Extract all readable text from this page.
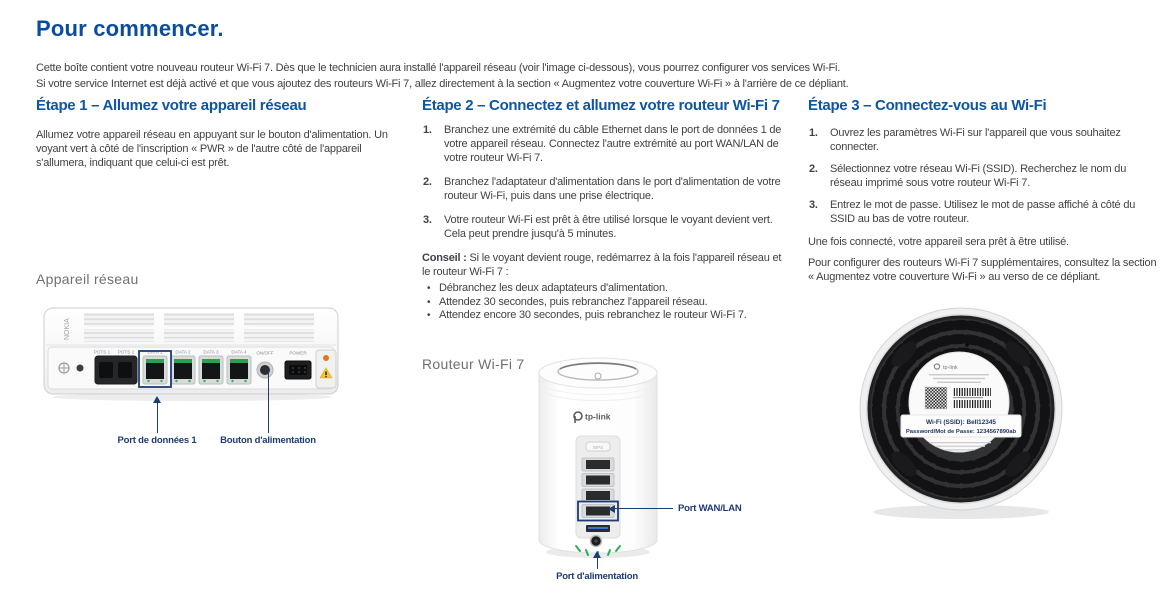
Pour commencer.
Cette boîte contient votre nouveau routeur Wi-Fi 7. Dès que le technicien aura installé l'appareil réseau (voir l'image ci-dessous), vous pourrez configurer vos services Wi-Fi.
Si votre service Internet est déjà activé et que vous ajoutez des routeurs Wi-Fi 7, allez directement à la section « Augmentez votre couverture Wi-Fi » à l'arrière de ce dépliant.
Étape 1 – Allumez votre appareil réseau
Allumez votre appareil réseau en appuyant sur le bouton d'alimentation. Un voyant vert à côté de l'inscription « PWR » de l'autre côté de l'appareil s'allumera, indiquant que celui-ci est prêt.
Étape 2 – Connectez et allumez votre routeur Wi-Fi 7
1. Branchez une extrémité du câble Ethernet dans le port de données 1 de votre appareil réseau. Connectez l'autre extrémité au port WAN/LAN de votre routeur Wi-Fi 7.
2. Branchez l'adaptateur d'alimentation dans le port d'alimentation de votre routeur Wi-Fi, puis dans une prise électrique.
3. Votre routeur Wi-Fi est prêt à être utilisé lorsque le voyant devient vert. Cela peut prendre jusqu'à 5 minutes.
Conseil : Si le voyant devient rouge, redémarrez à la fois l'appareil réseau et le routeur Wi-Fi 7 :
• Débranchez les deux adaptateurs d'alimentation.
• Attendez 30 secondes, puis rebranchez l'appareil réseau.
• Attendez encore 30 secondes, puis rebranchez le routeur Wi-Fi 7.
Étape 3 – Connectez-vous au Wi-Fi
1. Ouvrez les paramètres Wi-Fi sur l'appareil que vous souhaitez connecter.
2. Sélectionnez votre réseau Wi-Fi (SSID). Recherchez le nom du réseau imprimé sous votre routeur Wi-Fi 7.
3. Entrez le mot de passe. Utilisez le mot de passe affiché à côté du SSID au bas de votre routeur.
Une fois connecté, votre appareil sera prêt à être utilisé.
Pour configurer des routeurs Wi-Fi 7 supplémentaires, consultez la section « Augmentez votre couverture Wi-Fi » au verso de ce dépliant.
Appareil réseau
Routeur Wi-Fi 7
NOKIA
POTS 1 POTS 2	DATA 1	DATA 2	DATA 3	DATA 4 ON/OFF	POWER
Port de données 1	Bouton d'alimentation
tp-link
WPS
Port WAN/LAN
Port d'alimentation
tp-link
Wi-Fi (SSID): Bell12345
Password/Mot de Passe: 1234567890ab
